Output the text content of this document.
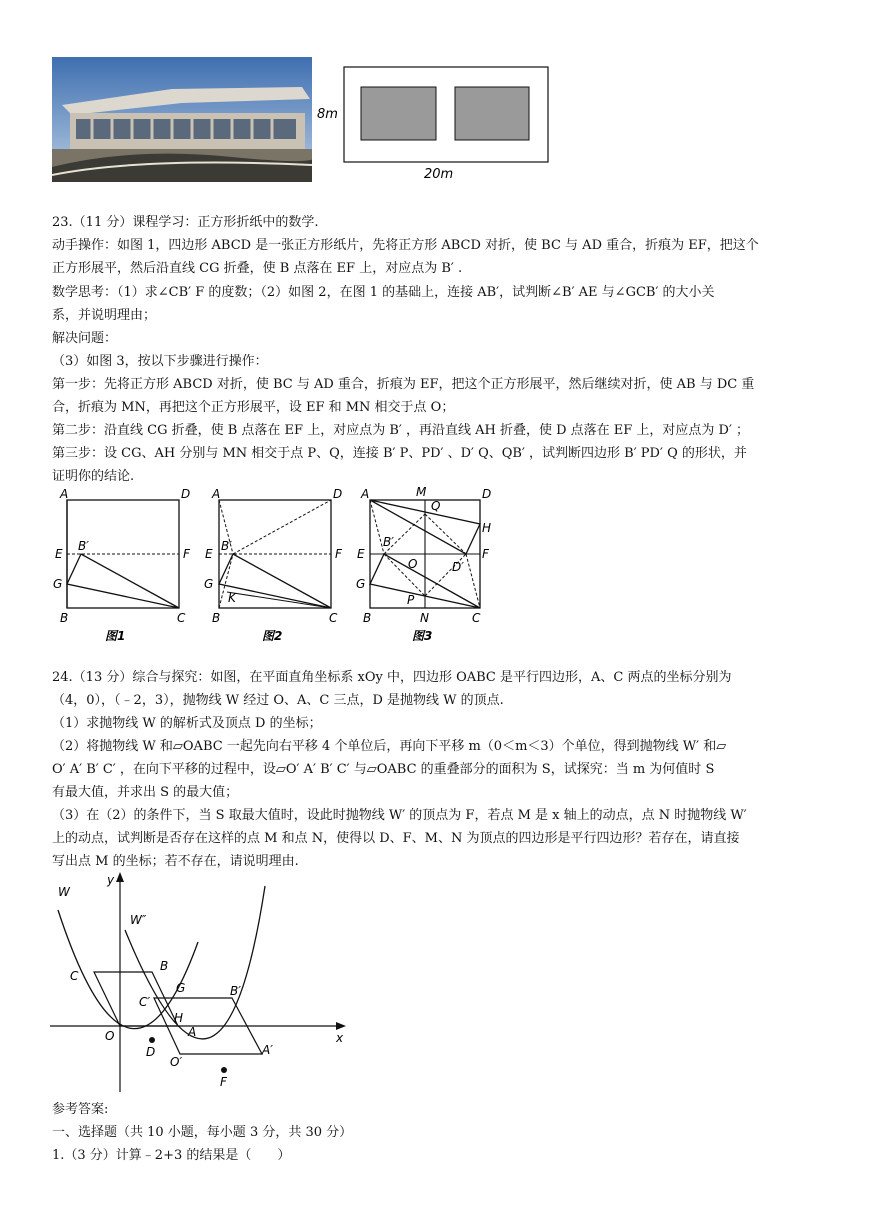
8m
20m
23.（11 分）课程学习：正方形折纸中的数学.
动手操作：如图 1，四边形 ABCD 是一张正方形纸片，先将正方形 ABCD 对折，使 BC 与 AD 重合，折痕为 EF，把这个
正方形展平，然后沿直线 CG 折叠，使 B 点落在 EF 上，对应点为 B′ .
数学思考：（1）求∠CB′ F 的度数；（2）如图 2，在图 1 的基础上，连接 AB′，试判断∠B′ AE 与∠GCB′ 的大小关
系，并说明理由；
解决问题：
（3）如图 3，按以下步骤进行操作：
第一步：先将正方形 ABCD 对折，使 BC 与 AD 重合，折痕为 EF，把这个正方形展平，然后继续对折，使 AB 与 DC 重
合，折痕为 MN，再把这个正方形展平，设 EF 和 MN 相交于点 O；
第二步：沿直线 CG 折叠，使 B 点落在 EF 上，对应点为 B′ ，再沿直线 AH 折叠，使 D 点落在 EF 上，对应点为 D′ ；
第三步：设 CG、AH 分别与 MN 相交于点 P、Q，连接 B′ P、PD′ 、D′ Q、QB′ ，试判断四边形 B′ PD′ Q 的形状，并
证明你的结论.
A	D
E	F
B′
G
B	C
图1
A	D
E	F
B′
G
K
B	C
图2
A	M	D
Q
H
B′
E
O
F
D′
G
P
B	N	C
图3
24.（13 分）综合与探究：如图，在平面直角坐标系 xOy 中，四边形 OABC 是平行四边形，A、C 两点的坐标分别为
（4，0），（﹣2，3），抛物线 W 经过 O、A、C 三点，D 是抛物线 W 的顶点.
（1）求抛物线 W 的解析式及顶点 D 的坐标；
（2）将抛物线 W 和▱OABC 一起先向右平移 4 个单位后，再向下平移 m（0＜m＜3）个单位，得到抛物线 W′ 和▱
O′ A′ B′ C′ ，在向下平移的过程中，设▱O′ A′ B′ C′ 与▱OABC 的重叠部分的面积为 S，试探究：当 m 为何值时 S
有最大值，并求出 S 的最大值；
（3）在（2）的条件下，当 S 取最大值时，设此时抛物线 W′ 的顶点为 F，若点 M 是 x 轴上的动点，点 N 时抛物线 W′
上的动点，试判断是否存在这样的点 M 和点 N，使得以 D、F、M、N 为顶点的四边形是平行四边形？若存在，请直接
写出点 M 的坐标；若不存在，请说明理由.
W
W″
y
x
O	A
B
C
D
G
H
B′
C′
O′
A′
F
参考答案:
一、选择题（共 10 小题，每小题 3 分，共 30 分）
1.（3 分）计算﹣2+3 的结果是（　　）
